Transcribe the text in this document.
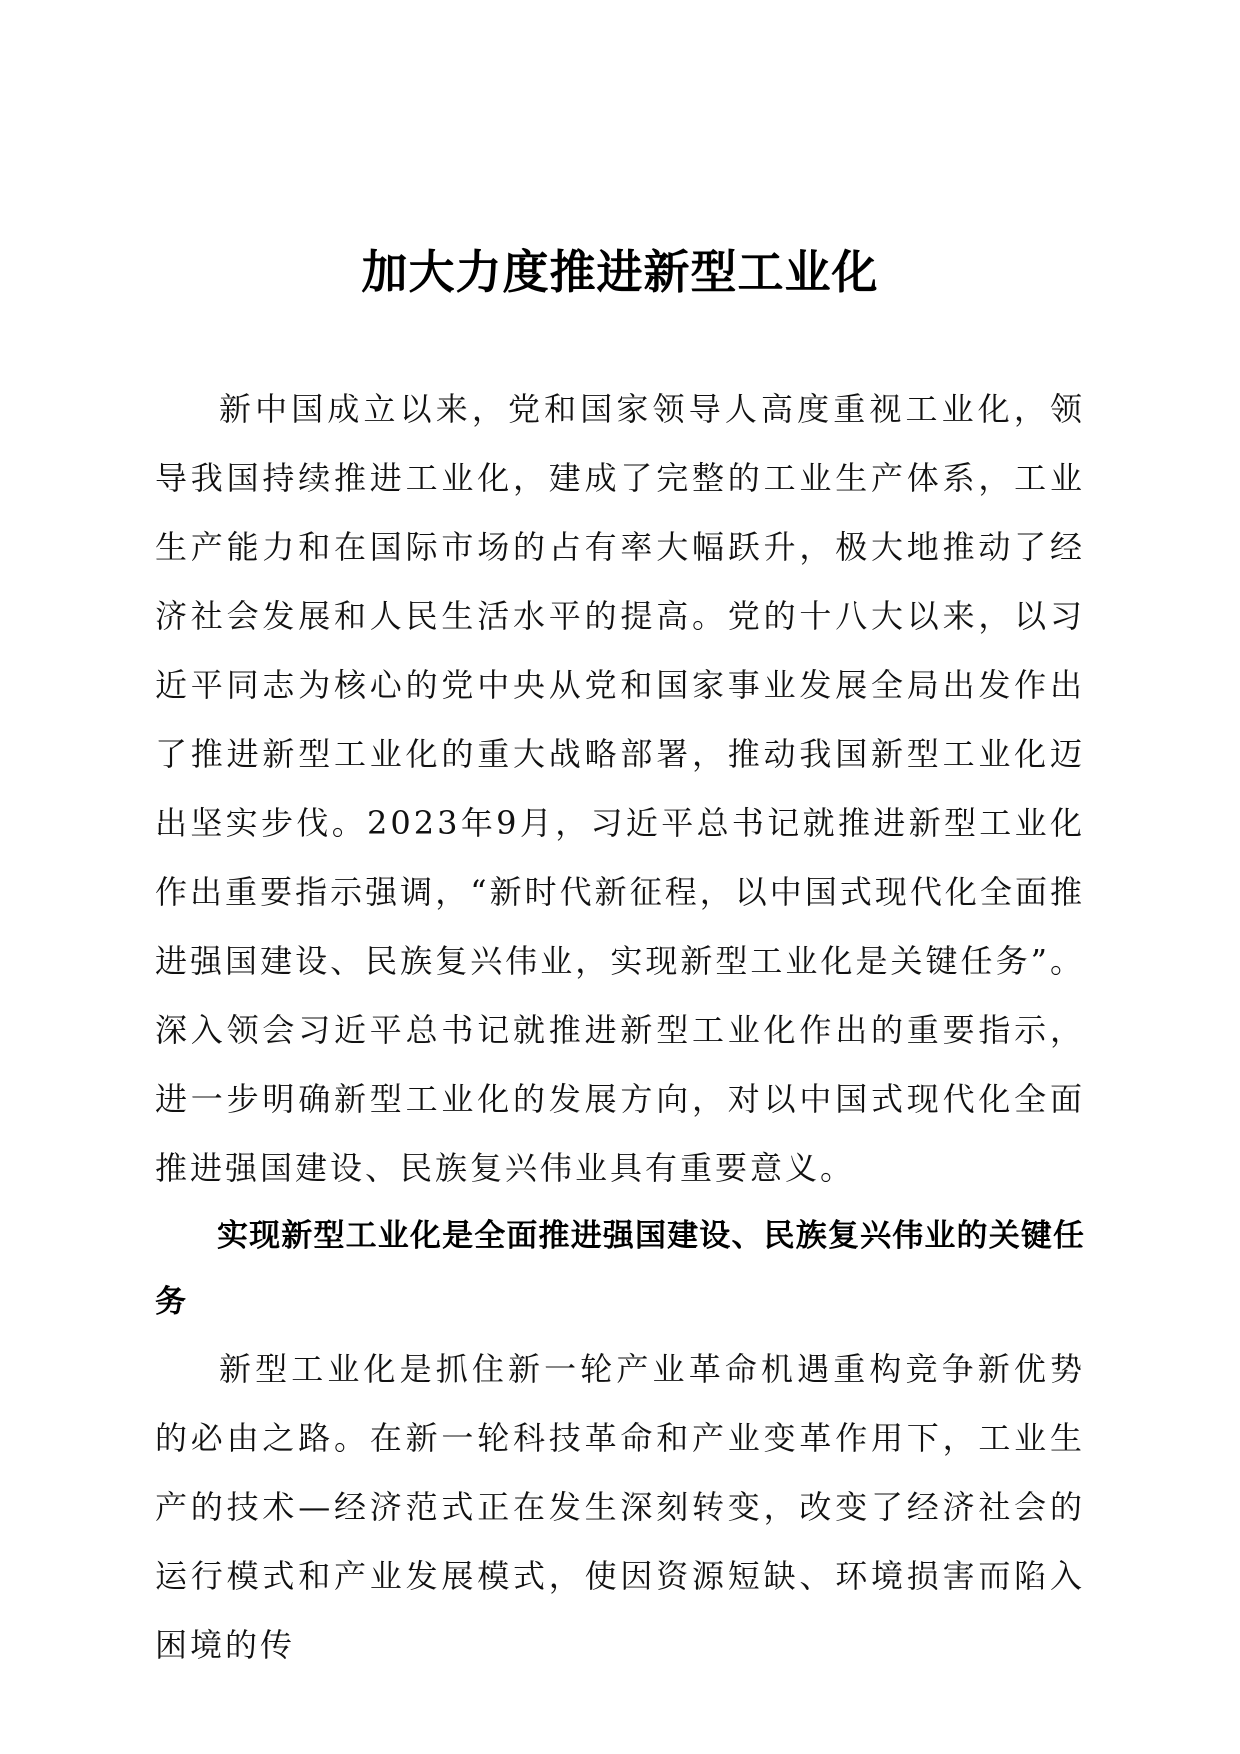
加大力度推进新型工业化

新中国成立以来，党和国家领导人高度重视工业化，领导我国持续推进工业化，建成了完整的工业生产体系，工业生产能力和在国际市场的占有率大幅跃升，极大地推动了经济社会发展和人民生活水平的提高。党的十八大以来，以习近平同志为核心的党中央从党和国家事业发展全局出发作出了推进新型工业化的重大战略部署，推动我国新型工业化迈出坚实步伐。2023年9月，习近平总书记就推进新型工业化作出重要指示强调，“新时代新征程，以中国式现代化全面推进强国建设、民族复兴伟业，实现新型工业化是关键任务”。深入领会习近平总书记就推进新型工业化作出的重要指示，进一步明确新型工业化的发展方向，对以中国式现代化全面推进强国建设、民族复兴伟业具有重要意义。

实现新型工业化是全面推进强国建设、民族复兴伟业的关键任务

新型工业化是抓住新一轮产业革命机遇重构竞争新优势的必由之路。在新一轮科技革命和产业变革作用下，工业生产的技术—经济范式正在发生深刻转变，改变了经济社会的运行模式和产业发展模式，使因资源短缺、环境损害而陷入困境的传
